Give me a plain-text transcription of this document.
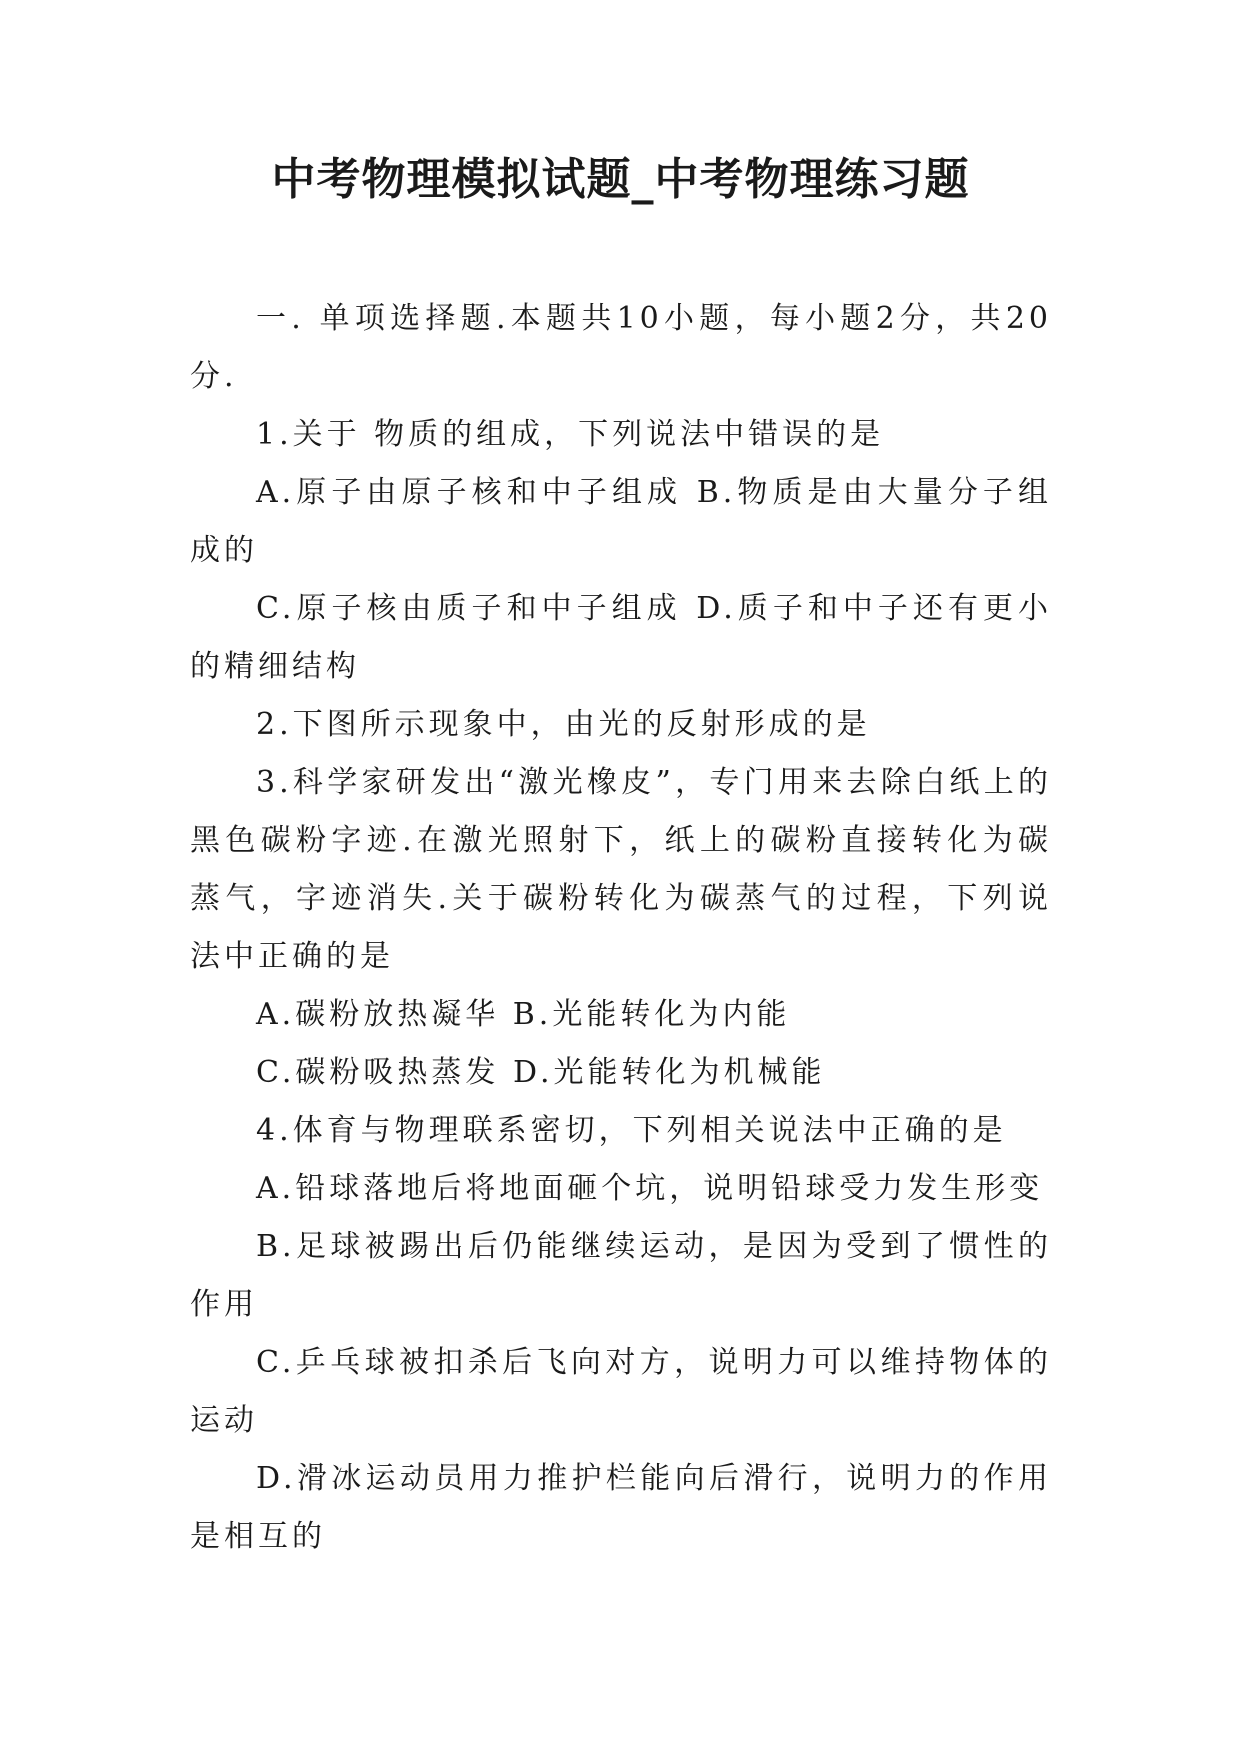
中考物理模拟试题_中考物理练习题

一. 单项选择题.本题共10小题，每小题2分，共20分.

1.关于 物质的组成，下列说法中错误的是

A.原子由原子核和中子组成 B.物质是由大量分子组成的

C.原子核由质子和中子组成 D.质子和中子还有更小的精细结构

2.下图所示现象中，由光的反射形成的是

3.科学家研发出“激光橡皮”，专门用来去除白纸上的黑色碳粉字迹.在激光照射下，纸上的碳粉直接转化为碳蒸气，字迹消失.关于碳粉转化为碳蒸气的过程，下列说法中正确的是

A.碳粉放热凝华 B.光能转化为内能

C.碳粉吸热蒸发 D.光能转化为机械能

4.体育与物理联系密切，下列相关说法中正确的是

A.铅球落地后将地面砸个坑，说明铅球受力发生形变

B.足球被踢出后仍能继续运动，是因为受到了惯性的作用

C.乒乓球被扣杀后飞向对方，说明力可以维持物体的运动

D.滑冰运动员用力推护栏能向后滑行，说明力的作用是相互的
